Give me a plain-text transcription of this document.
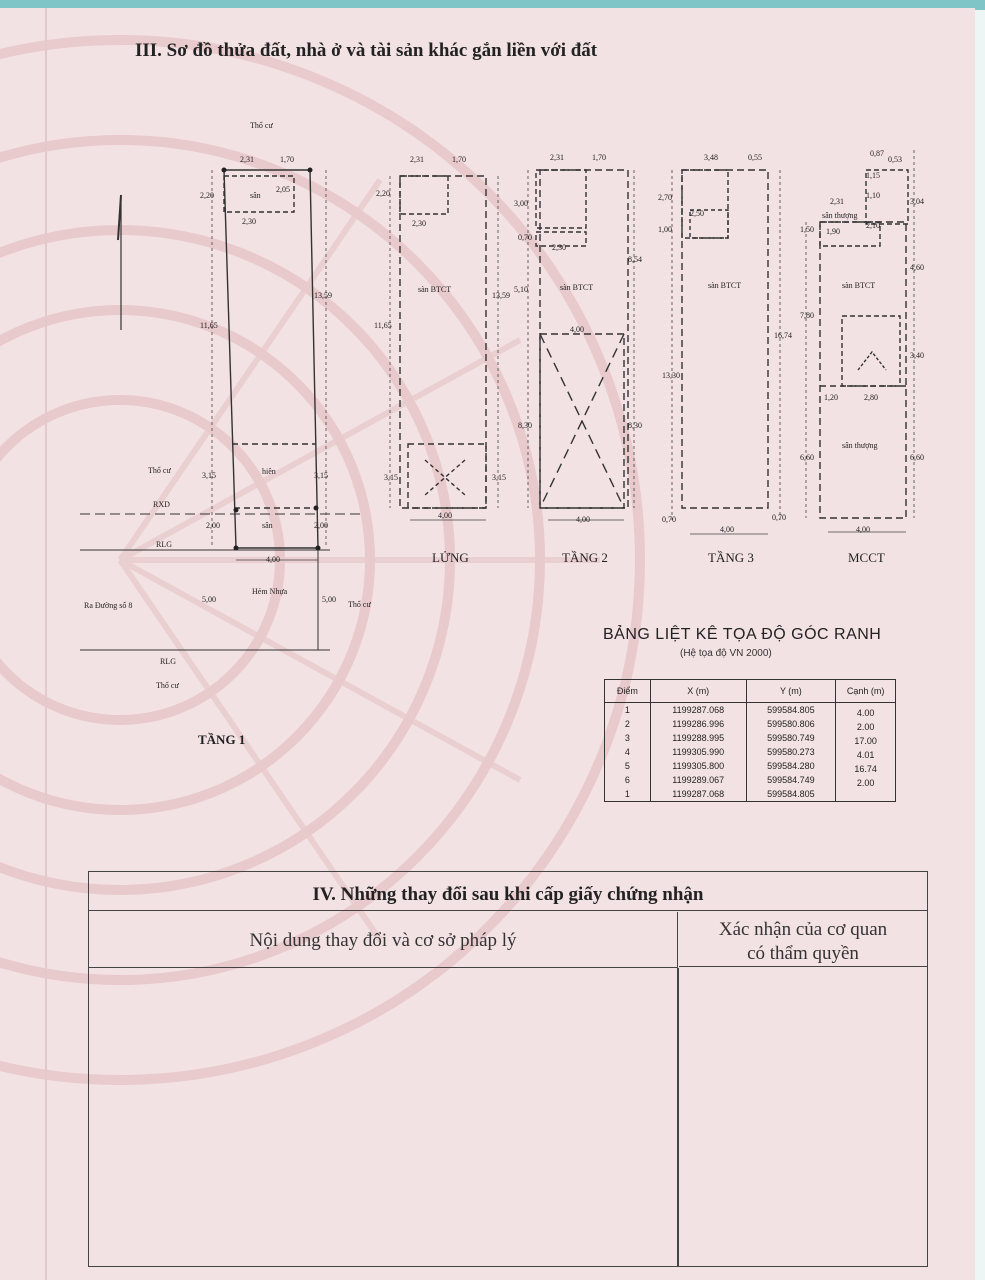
III. Sơ đồ thửa đất, nhà ở và tài sản khác gắn liền với đất
Thổ cư
Thổ cư
Thổ cư
Thổ cư
RXD
RLG
RLG
Ra Đường số 8
Hẻm Nhựa
hiên
sân
sân
sàn BTCT	sàn BTCT	sàn BTCT	sàn BTCT
sân thượng
sân thượng
2,31	1,70
2,30
2,20
2,05
11,65
13,59
3,15	3,15
2,00	2,00
4,00
5,00	5,00
2,31	1,70
2,30
2,20
11,65
13,59
3,15	3,15
4,00
2,31	1,70
3,00
0,70
2,30
5,10
8,54
4,00
8,30	8,30
4,00
3,48	0,55
2,70
1,00
2,50
13,30
16,74
0,70	0,70
4,00
0,87
0,53
1,15
1,10
3,04
2,31
1,50 1,90
2,10
4,60
7,80
3,40
1,20	2,80
6,60	6,60
4,00
TẦNG 1
LỬNG	TẦNG 2	TẦNG 3	MCCT
BẢNG LIỆT KÊ TỌA ĐỘ GÓC RANH
(Hệ tọa độ VN 2000)
Điểm	X (m)	Y (m)	Cạnh (m)
1	1199287.068	599584.805	4.00
2	1199286.996	599580.806	2.00
3	1199288.995	599580.749	17.00
4	1199305.990	599580.273	4.01
5	1199305.800	599584.280	16.74
6	1199289.067	599584.749	2.00
1	1199287.068	599584.805	
IV. Những thay đổi sau khi cấp giấy chứng nhận
Nội dung thay đổi và cơ sở pháp lý
Xác nhận của cơ quan
có thẩm quyền
